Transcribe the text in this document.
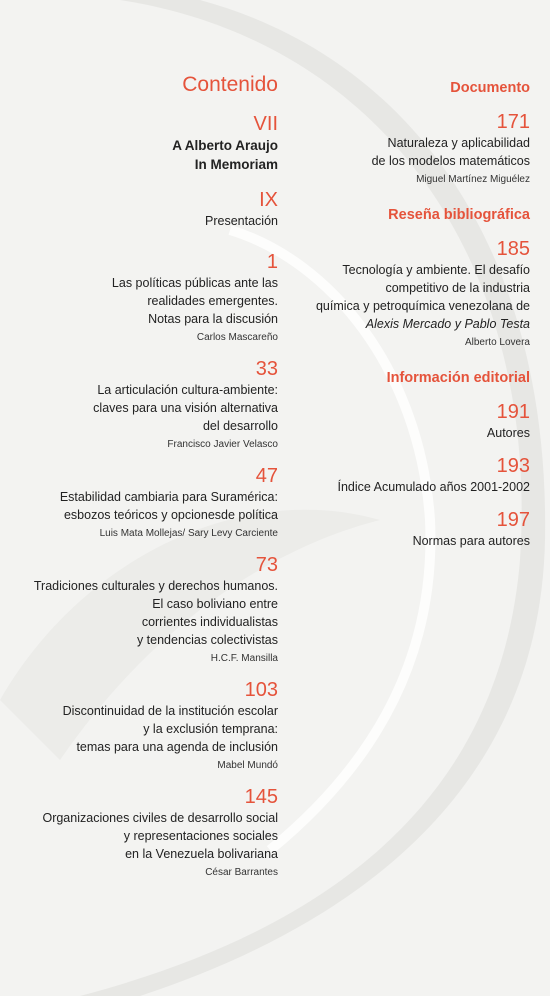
Contenido

VII

A Alberto Araujo
In Memoriam

IX

Presentación

1

Las políticas públicas ante las
realidades emergentes.
Notas para la discusión

Carlos Mascareño

33

La articulación cultura-ambiente:
claves para una visión alternativa
del desarrollo

Francisco Javier Velasco

47

Estabilidad cambiaria para Suramérica:
esbozos teóricos y opcionesde política

Luis Mata Mollejas/ Sary Levy Carciente

73

Tradiciones culturales y derechos humanos.
El caso boliviano entre
corrientes individualistas
y tendencias colectivistas

H.C.F. Mansilla

103

Discontinuidad de la institución escolar
y la exclusión temprana:
temas para una agenda de inclusión

Mabel Mundó

145

Organizaciones civiles de desarrollo social
y representaciones sociales
en la Venezuela bolivariana

César Barrantes

Documento

171

Naturaleza y aplicabilidad
de los modelos matemáticos

Miguel Martínez Miguélez

Reseña bibliográfica

185

Tecnología y ambiente. El desafío

competitivo de la industria

química y petroquímica venezolana de

Alexis Mercado y Pablo Testa

Alberto Lovera

Información editorial

191

Autores

193

Índice Acumulado años 2001-2002

197

Normas para autores
